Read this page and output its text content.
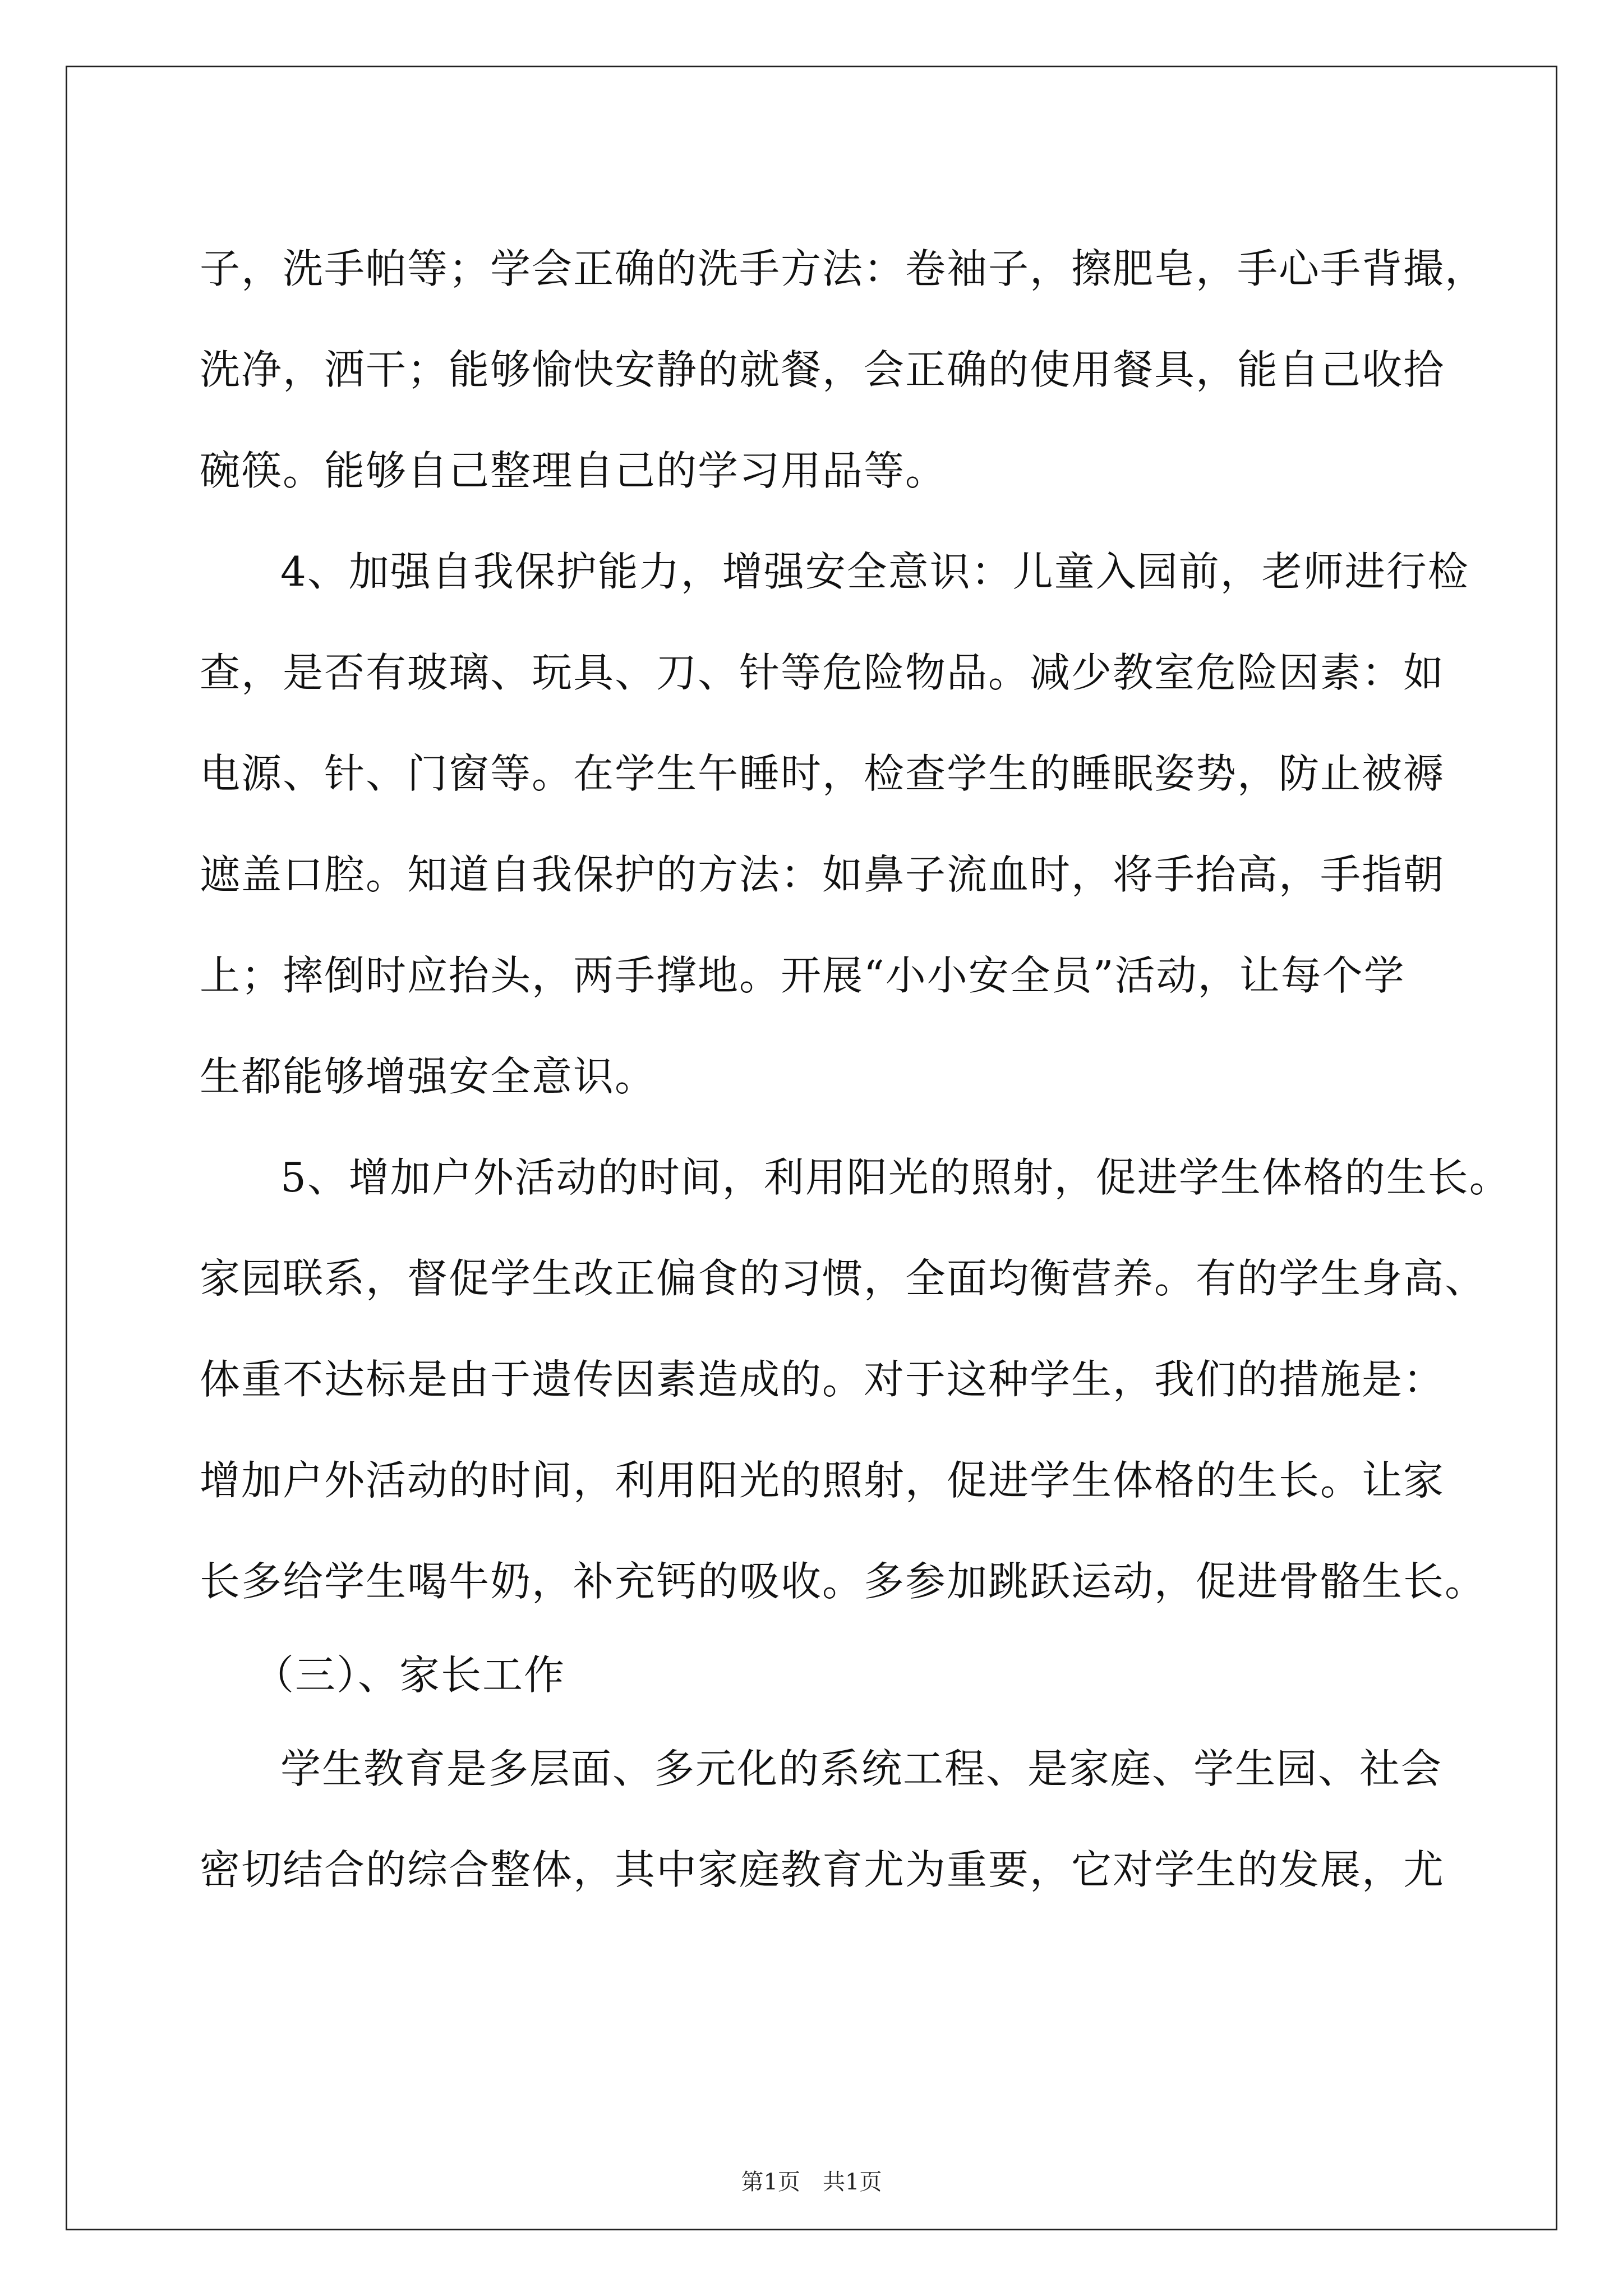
子，洗手帕等；学会正确的洗手方法：卷袖子，擦肥皂，手心手背撮，
洗净，洒干；能够愉快安静的就餐，会正确的使用餐具，能自己收拾
碗筷。能够自己整理自己的学习用品等。
4、加强自我保护能力，增强安全意识：儿童入园前，老师进行检
查，是否有玻璃、玩具、刀、针等危险物品。减少教室危险因素：如
电源、针、门窗等。在学生午睡时，检查学生的睡眠姿势，防止被褥
遮盖口腔。知道自我保护的方法：如鼻子流血时，将手抬高，手指朝
上；摔倒时应抬头，两手撑地。开展“小小安全员”活动，让每个学
生都能够增强安全意识。
5、增加户外活动的时间，利用阳光的照射，促进学生体格的生长。
家园联系，督促学生改正偏食的习惯，全面均衡营养。有的学生身高、
体重不达标是由于遗传因素造成的。对于这种学生，我们的措施是：
增加户外活动的时间，利用阳光的照射，促进学生体格的生长。让家
长多给学生喝牛奶，补充钙的吸收。多参加跳跃运动，促进骨骼生长。
（三）、家长工作
学生教育是多层面、多元化的系统工程、是家庭、学生园、社会
密切结合的综合整体，其中家庭教育尤为重要，它对学生的发展，尤
第1页　共1页
